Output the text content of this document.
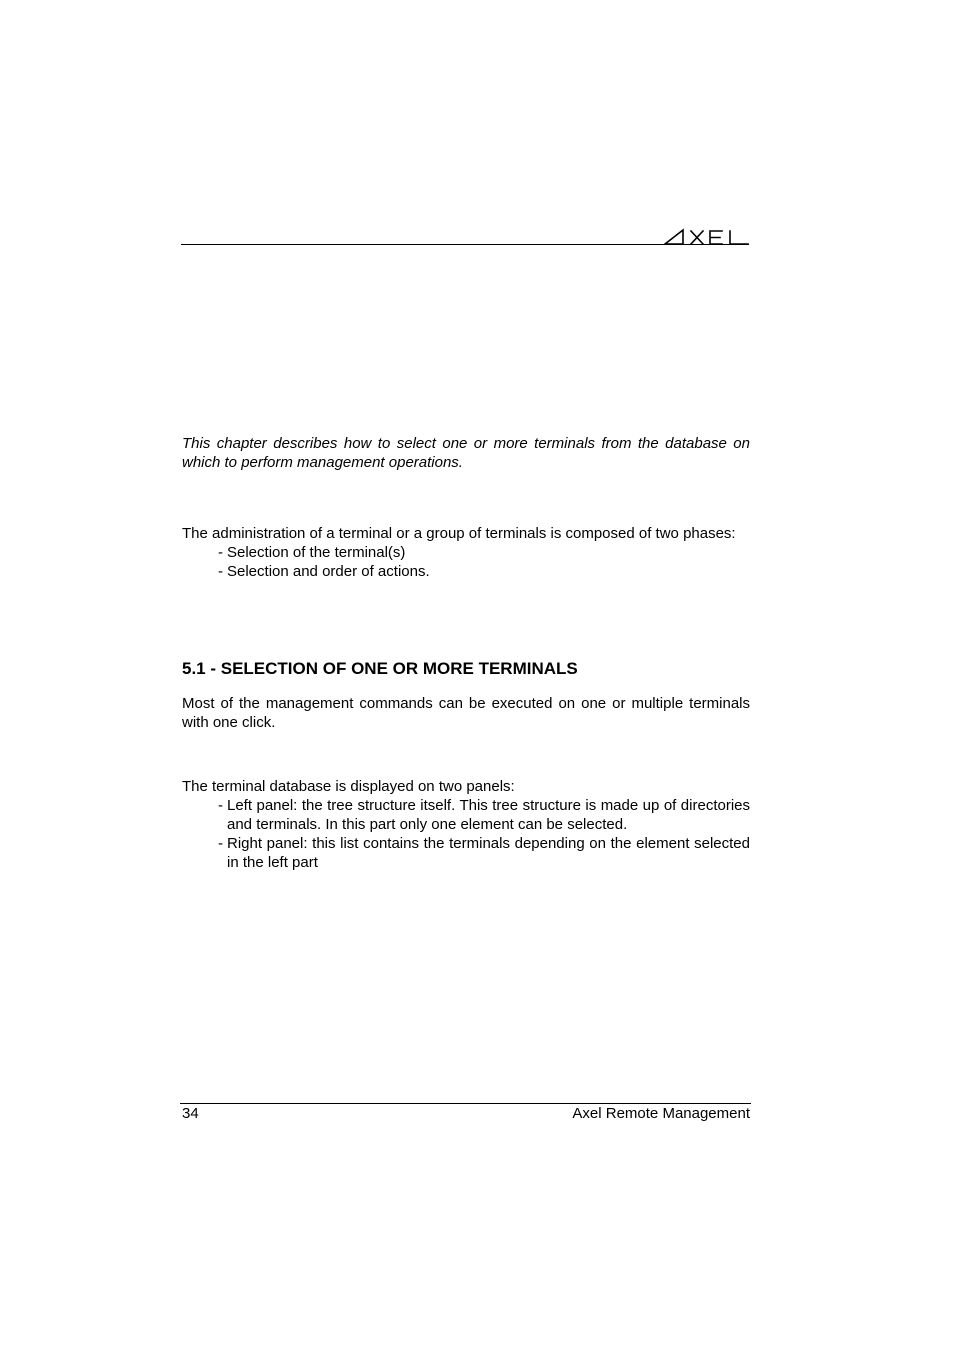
This chapter describes how to select one or more terminals from the database on which to perform management operations.

The administration of a terminal or a group of terminals is composed of two phases:
- Selection of the terminal(s)
- Selection and order of actions.
5.1 - SELECTION OF ONE OR MORE TERMINALS

Most of the management commands can be executed on one or multiple terminals with one click.

The terminal database is displayed on two panels:
- Left panel: the tree structure itself. This tree structure is made up of directories and terminals. In this part only one element can be selected.
- Right panel: this list contains the terminals depending on the element selected in the left part
34	Axel Remote Management
